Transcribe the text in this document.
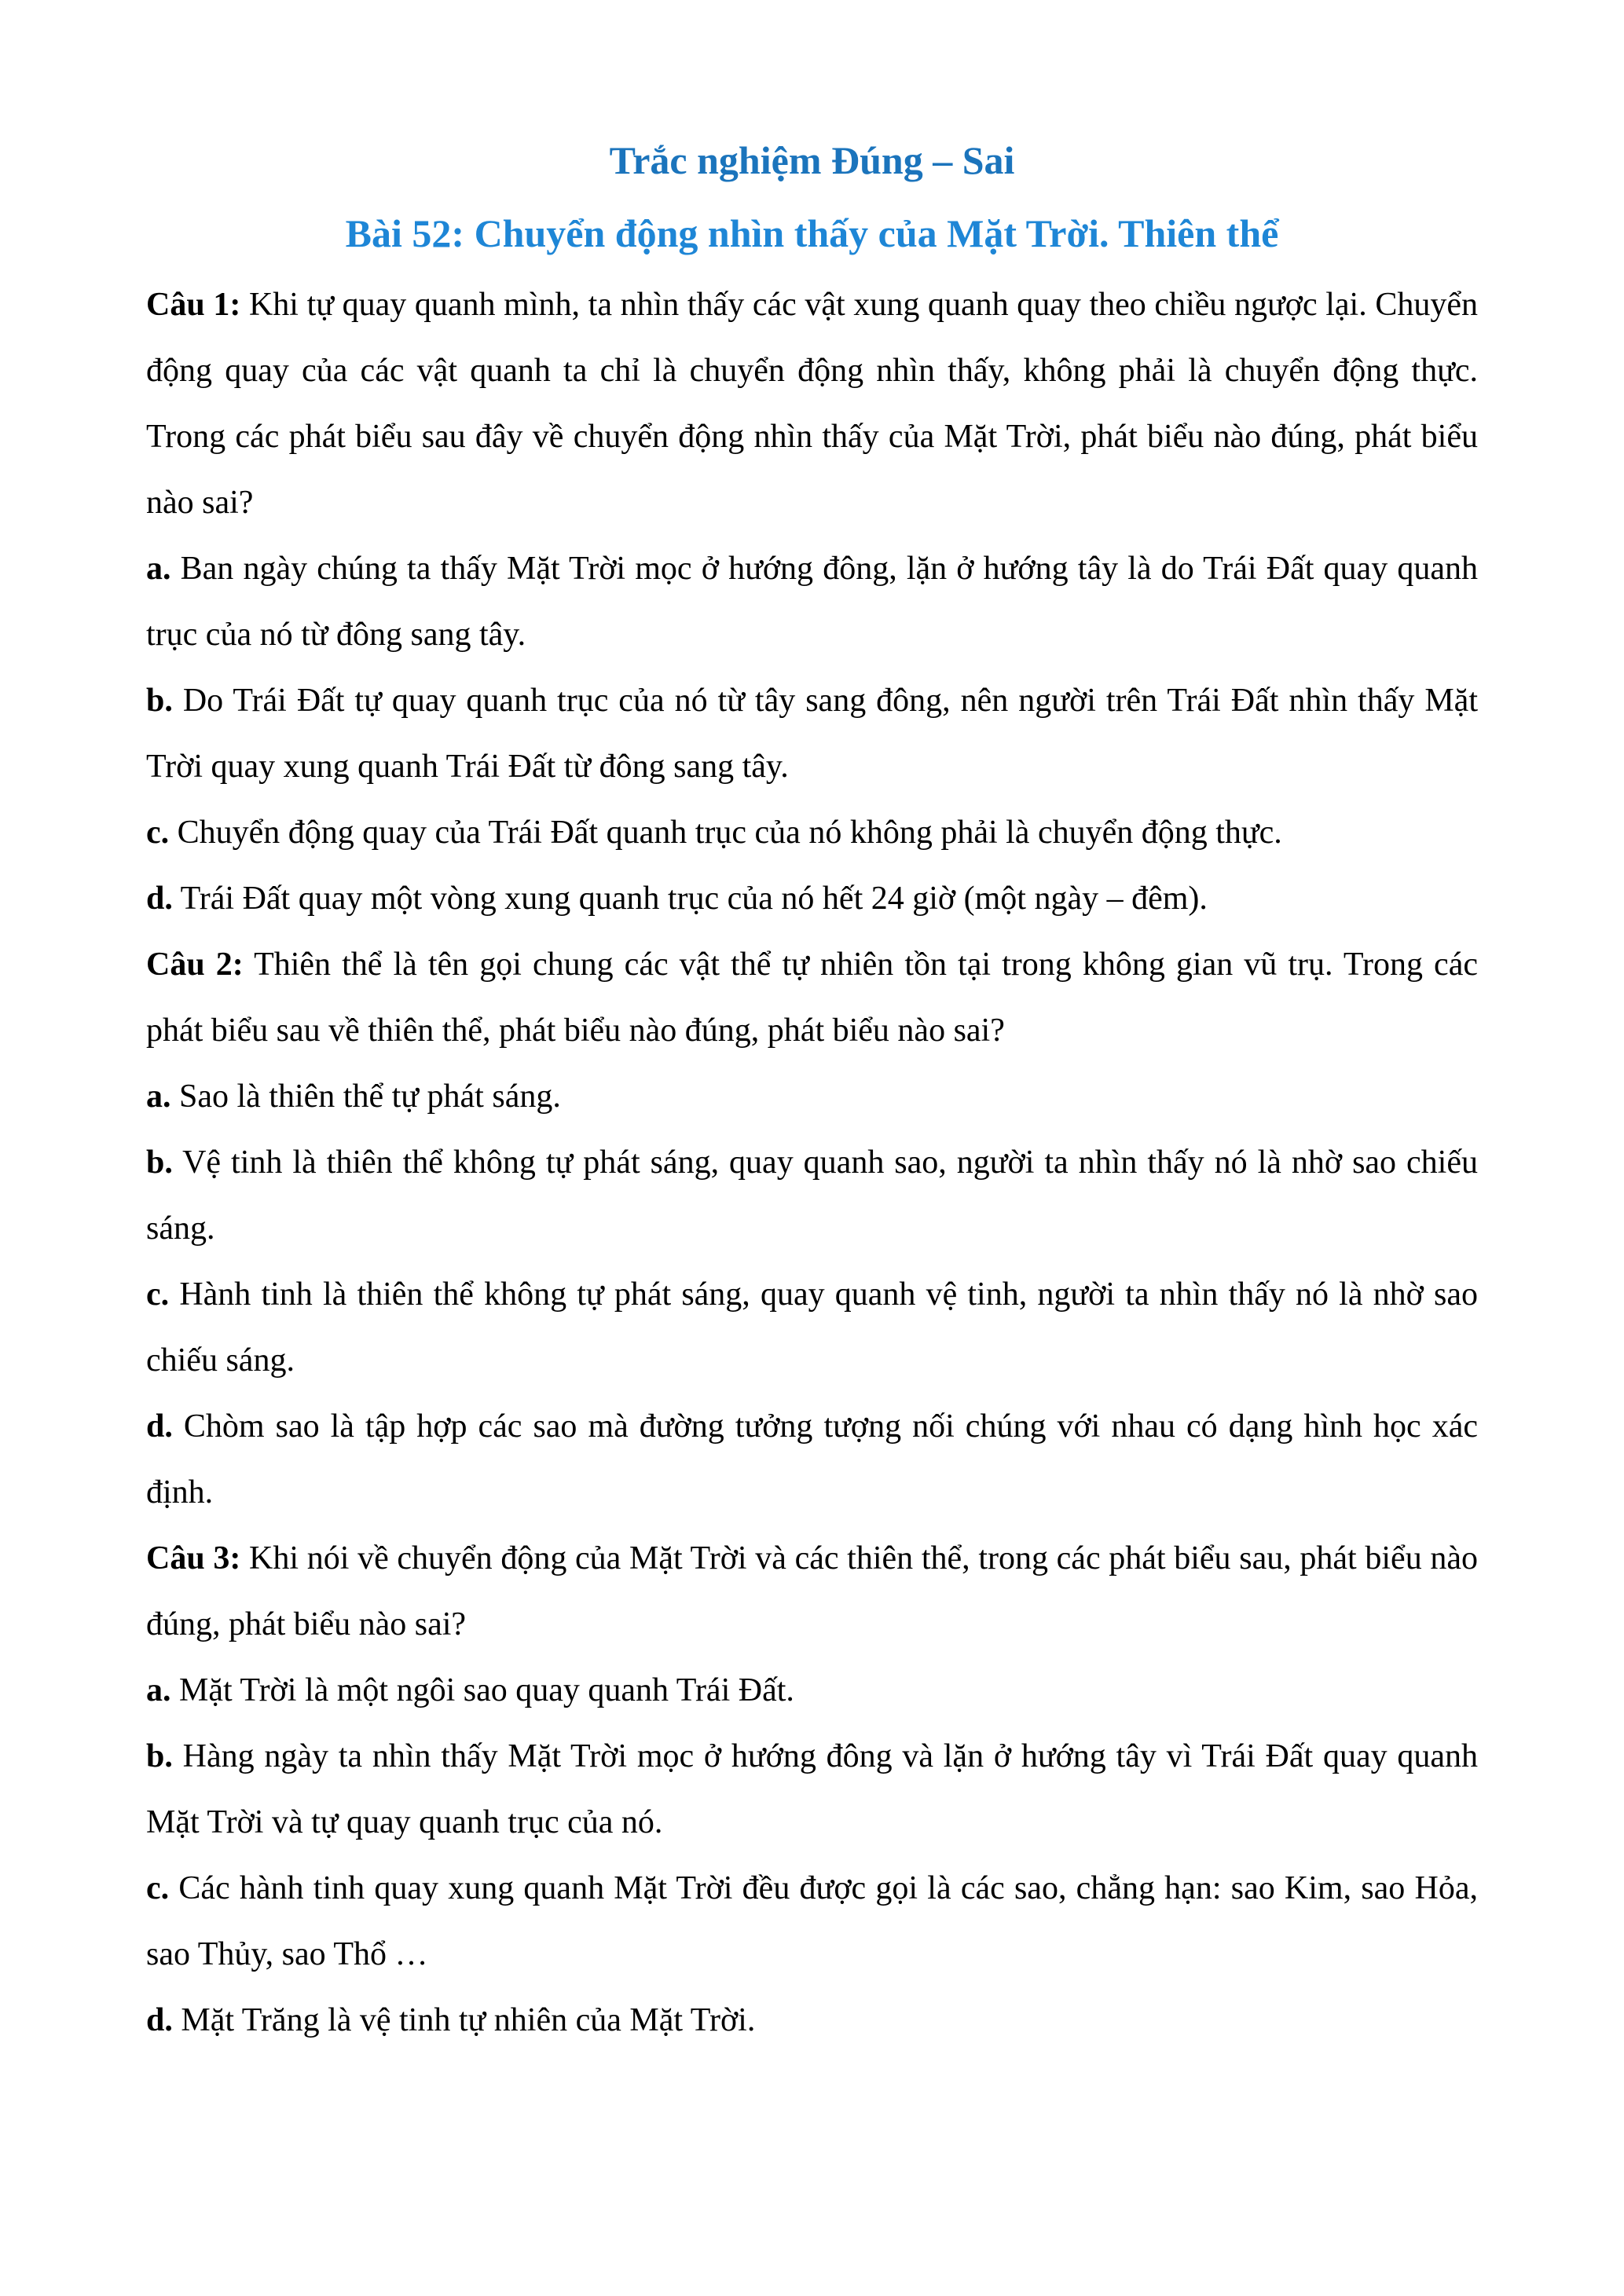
Trắc nghiệm Đúng – Sai
Bài 52: Chuyển động nhìn thấy của Mặt Trời. Thiên thể

Câu 1: Khi tự quay quanh mình, ta nhìn thấy các vật xung quanh quay theo chiều ngược lại. Chuyển động quay của các vật quanh ta chỉ là chuyển động nhìn thấy, không phải là chuyển động thực. Trong các phát biểu sau đây về chuyển động nhìn thấy của Mặt Trời, phát biểu nào đúng, phát biểu nào sai?

a. Ban ngày chúng ta thấy Mặt Trời mọc ở hướng đông, lặn ở hướng tây là do Trái Đất quay quanh trục của nó từ đông sang tây.

b. Do Trái Đất tự quay quanh trục của nó từ tây sang đông, nên người trên Trái Đất nhìn thấy Mặt Trời quay xung quanh Trái Đất từ đông sang tây.

c. Chuyển động quay của Trái Đất quanh trục của nó không phải là chuyển động thực.

d. Trái Đất quay một vòng xung quanh trục của nó hết 24 giờ (một ngày – đêm).

Câu 2: Thiên thể là tên gọi chung các vật thể tự nhiên tồn tại trong không gian vũ trụ. Trong các phát biểu sau về thiên thể, phát biểu nào đúng, phát biểu nào sai?

a. Sao là thiên thể tự phát sáng.

b. Vệ tinh là thiên thể không tự phát sáng, quay quanh sao, người ta nhìn thấy nó là nhờ sao chiếu sáng.

c. Hành tinh là thiên thể không tự phát sáng, quay quanh vệ tinh, người ta nhìn thấy nó là nhờ sao chiếu sáng.

d. Chòm sao là tập hợp các sao mà đường tưởng tượng nối chúng với nhau có dạng hình học xác định.

Câu 3: Khi nói về chuyển động của Mặt Trời và các thiên thể, trong các phát biểu sau, phát biểu nào đúng, phát biểu nào sai?

a. Mặt Trời là một ngôi sao quay quanh Trái Đất.

b. Hàng ngày ta nhìn thấy Mặt Trời mọc ở hướng đông và lặn ở hướng tây vì Trái Đất quay quanh Mặt Trời và tự quay quanh trục của nó.

c. Các hành tinh quay xung quanh Mặt Trời đều được gọi là các sao, chẳng hạn: sao Kim, sao Hỏa, sao Thủy, sao Thổ …

d. Mặt Trăng là vệ tinh tự nhiên của Mặt Trời.
